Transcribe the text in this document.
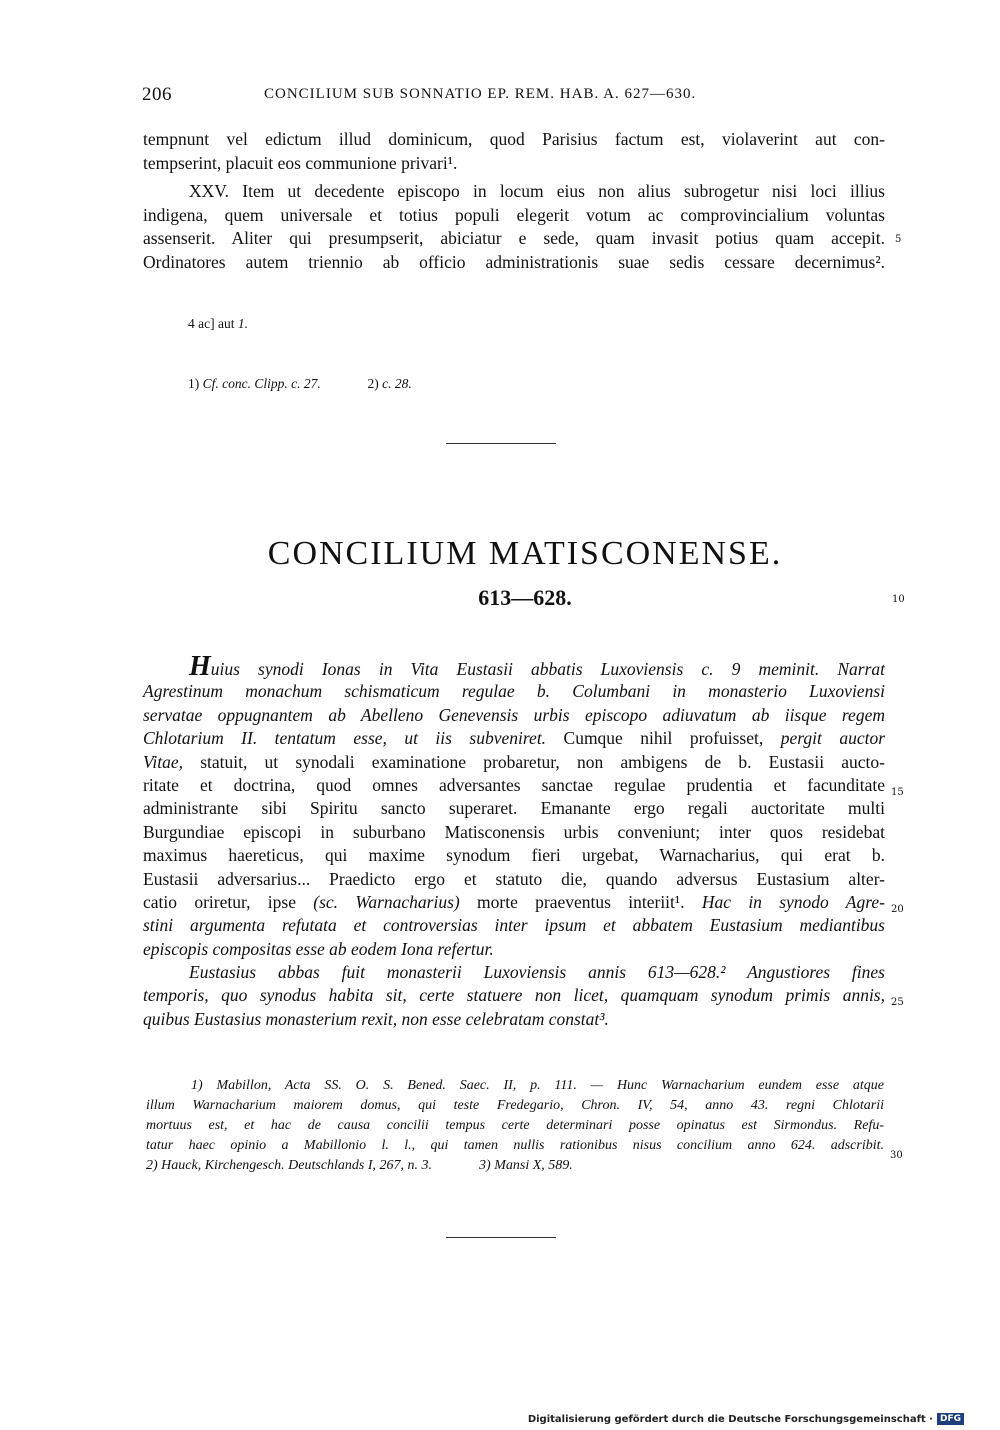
206	CONCILIUM SUB SONNATIO EP. REM. HAB. A. 627—630.
tempnunt vel edictum illud dominicum, quod Parisius factum est, violaverint aut con-
tempserint, placuit eos communione privari¹.
XXV. Item ut decedente episcopo in locum eius non alius subrogetur nisi loci illius
indigena, quem universale et totius populi elegerit votum ac comprovincialium voluntas
assenserit. Aliter qui presumpserit, abiciatur e sede, quam invasit potius quam accepit.
Ordinatores autem triennio ab officio administrationis suae sedis cessare decernimus².
5
4 ac] aut 1.
1) Cf. conc. Clipp. c. 27.	2) c. 28.
CONCILIUM MATISCONENSE.
613—628.	10
Huius synodi Ionas in Vita Eustasii abbatis Luxoviensis c. 9 meminit. Narrat
Agrestinum monachum schismaticum regulae b. Columbani in monasterio Luxoviensi
servatae oppugnantem ab Abelleno Genevensis urbis episcopo adiuvatum ab iisque regem
Chlotarium II. tentatum esse, ut iis subveniret. Cumque nihil profuisset, pergit auctor
Vitae, statuit, ut synodali examinatione probaretur, non ambigens de b. Eustasii aucto-
ritate et doctrina, quod omnes adversantes sanctae regulae prudentia et facunditate
administrante sibi Spiritu sancto superaret. Emanante ergo regali auctoritate multi
Burgundiae episcopi in suburbano Matisconensis urbis conveniunt; inter quos residebat
maximus haereticus, qui maxime synodum fieri urgebat, Warnacharius, qui erat b.
Eustasii adversarius... Praedicto ergo et statuto die, quando adversus Eustasium alter-
catio oriretur, ipse (sc. Warnacharius) morte praeventus interiit¹. Hac in synodo Agre-
stini argumenta refutata et controversias inter ipsum et abbatem Eustasium mediantibus
episcopis compositas esse ab eodem Iona refertur.
Eustasius abbas fuit monasterii Luxoviensis annis 613—628.² Angustiores fines
temporis, quo synodus habita sit, certe statuere non licet, quamquam synodum primis annis,
quibus Eustasius monasterium rexit, non esse celebratam constat³.
15
20
25
1) Mabillon, Acta SS. O. S. Bened. Saec. II, p. 111. — Hunc Warnacharium eundem esse atque
illum Warnacharium maiorem domus, qui teste Fredegario, Chron. IV, 54, anno 43. regni Chlotarii
mortuus est, et hac de causa concilii tempus certe determinari posse opinatus est Sirmondus. Refu-
tatur haec opinio a Mabillonio l. l., qui tamen nullis rationibus nisus concilium anno 624. adscribit.
2) Hauck, Kirchengesch. Deutschlands I, 267, n. 3.	3) Mansi X, 589.
30
Digitalisierung gefördert durch die Deutsche Forschungsgemeinschaft · DFG
